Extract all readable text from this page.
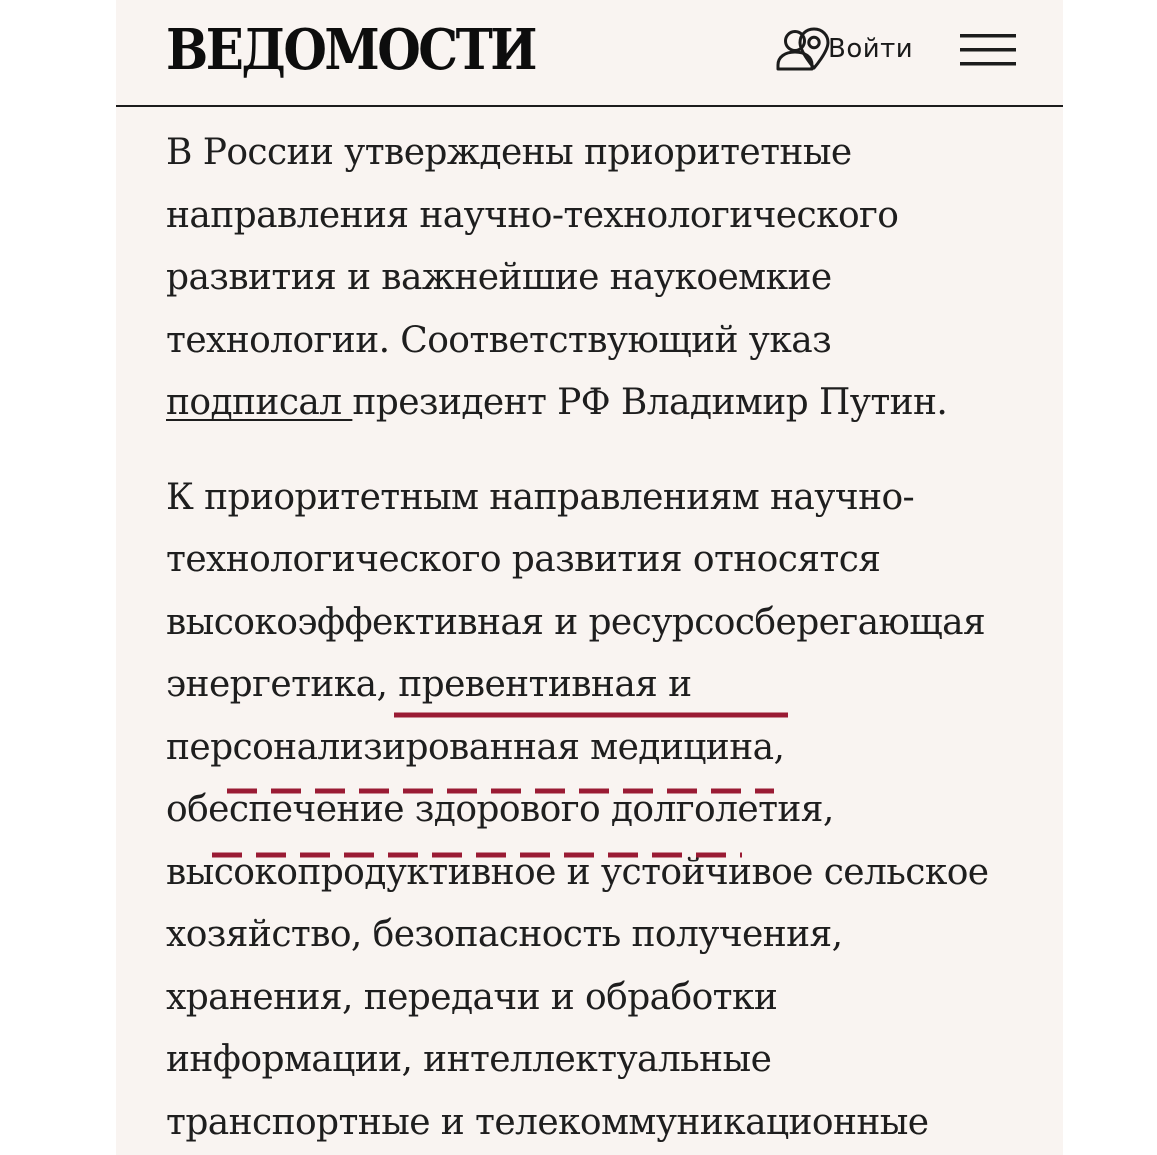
ВЕДОМОСТИ	Войти

В России утверждены приоритетные
направления научно-технологического
развития и важнейшие наукоемкие
технологии. Соответствующий указ
подписал президент РФ Владимир Путин.

К приоритетным направлениям научно-
технологического развития относятся
высокоэффективная и ресурсосберегающая
энергетика, превентивная и
персонализированная медицина,
обеспечение здорового долголетия,
высокопродуктивное и устойчивое сельское
хозяйство, безопасность получения,
хранения, передачи и обработки
информации, интеллектуальные
транспортные и телекоммуникационные
